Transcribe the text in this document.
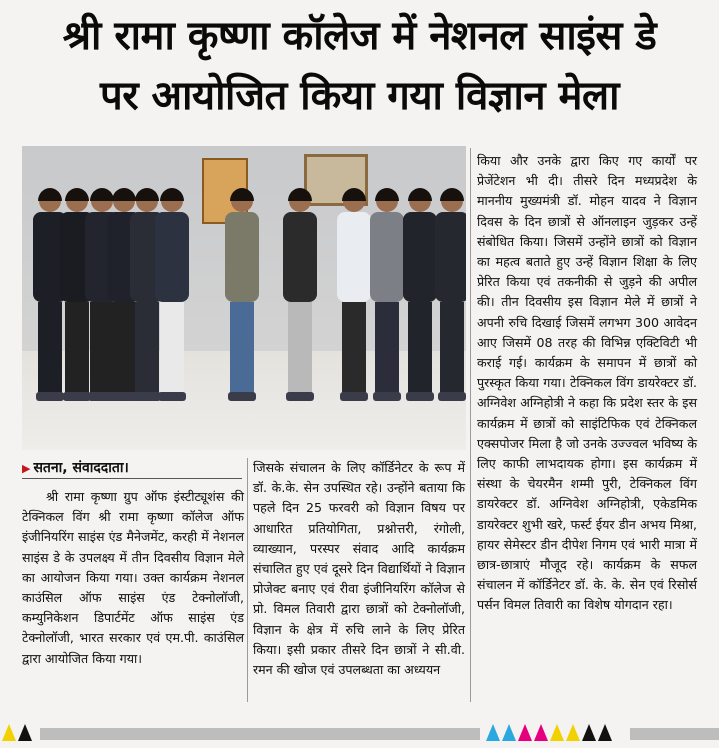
श्री रामा कृष्णा कॉलेज में नेशनल साइंस डे
पर आयोजित किया गया विज्ञान मेला
▶ सतना, संवाददाता।

श्री रामा कृष्णा ग्रुप ऑफ इंस्टीट्यूशंस की टेक्निकल विंग श्री रामा कृष्णा कॉलेज ऑफ इंजीनियरिंग साइंस एंड मैनेजमेंट, करही में नेशनल साइंस डे के उपलक्ष्य में तीन दिवसीय विज्ञान मेले का आयोजन किया गया। उक्त कार्यक्रम नेशनल काउंसिल ऑफ साइंस एंड टेक्नोलॉजी, कम्युनिकेशन डिपार्टमेंट ऑफ साइंस एंड टेक्नोलॉजी, भारत सरकार एवं एम.पी. काउंसिल द्वारा आयोजित किया गया।

जिसके संचालन के लिए कॉर्डिनेटर के रूप में डॉ. के.के. सेन उपस्थित रहे। उन्होंने बताया कि पहले दिन 25 फरवरी को विज्ञान विषय पर आधारित प्रतियोगिता, प्रश्नोत्तरी, रंगोली, व्याख्यान, परस्पर संवाद आदि कार्यक्रम संचालित हुए एवं दूसरे दिन विद्यार्थियों ने विज्ञान प्रोजेक्ट बनाए एवं रीवा इंजीनियरिंग कॉलेज से प्रो. विमल तिवारी द्वारा छात्रों को टेक्नोलॉजी, विज्ञान के क्षेत्र में रुचि लाने के लिए प्रेरित किया। इसी प्रकार तीसरे दिन छात्रों ने सी.वी. रमन की खोज एवं उपलब्धता का अध्ययन

किया और उनके द्वारा किए गए कार्यों पर प्रेजेंटेशन भी दी। तीसरे दिन मध्यप्रदेश के माननीय मुख्यमंत्री डॉ. मोहन यादव ने विज्ञान दिवस के दिन छात्रों से ऑनलाइन जुड़कर उन्हें संबोधित किया। जिसमें उन्होंने छात्रों को विज्ञान का महत्व बताते हुए उन्हें विज्ञान शिक्षा के लिए प्रेरित किया एवं तकनीकी से जुड़ने की अपील की। तीन दिवसीय इस विज्ञान मेले में छात्रों ने अपनी रुचि दिखाई जिसमें लगभग 300 आवेदन आए जिसमें 08 तरह की विभिन्न एक्टिविटी भी कराई गई। कार्यक्रम के समापन में छात्रों को पुरस्कृत किया गया। टेक्निकल विंग डायरेक्टर डॉ. अग्निवेश अग्निहोत्री ने कहा कि प्रदेश स्तर के इस कार्यक्रम में छात्रों को साइंटिफिक एवं टेक्निकल एक्सपोजर मिला है जो उनके उज्ज्वल भविष्य के लिए काफी लाभदायक होगा। इस कार्यक्रम में संस्था के चेयरमैन शम्मी पुरी, टेक्निकल विंग डायरेक्टर डॉ. अग्निवेश अग्निहोत्री, एकेडमिक डायरेक्टर शुभी खरे, फर्स्ट ईयर डीन अभय मिश्रा, हायर सेमेस्टर डीन दीपेश निगम एवं भारी मात्रा में छात्र-छात्राएं मौजूद रहे। कार्यक्रम के सफल संचालन में कॉर्डिनेटर डॉ. के. के. सेन एवं रिसोर्स पर्सन विमल तिवारी का विशेष योगदान रहा।
